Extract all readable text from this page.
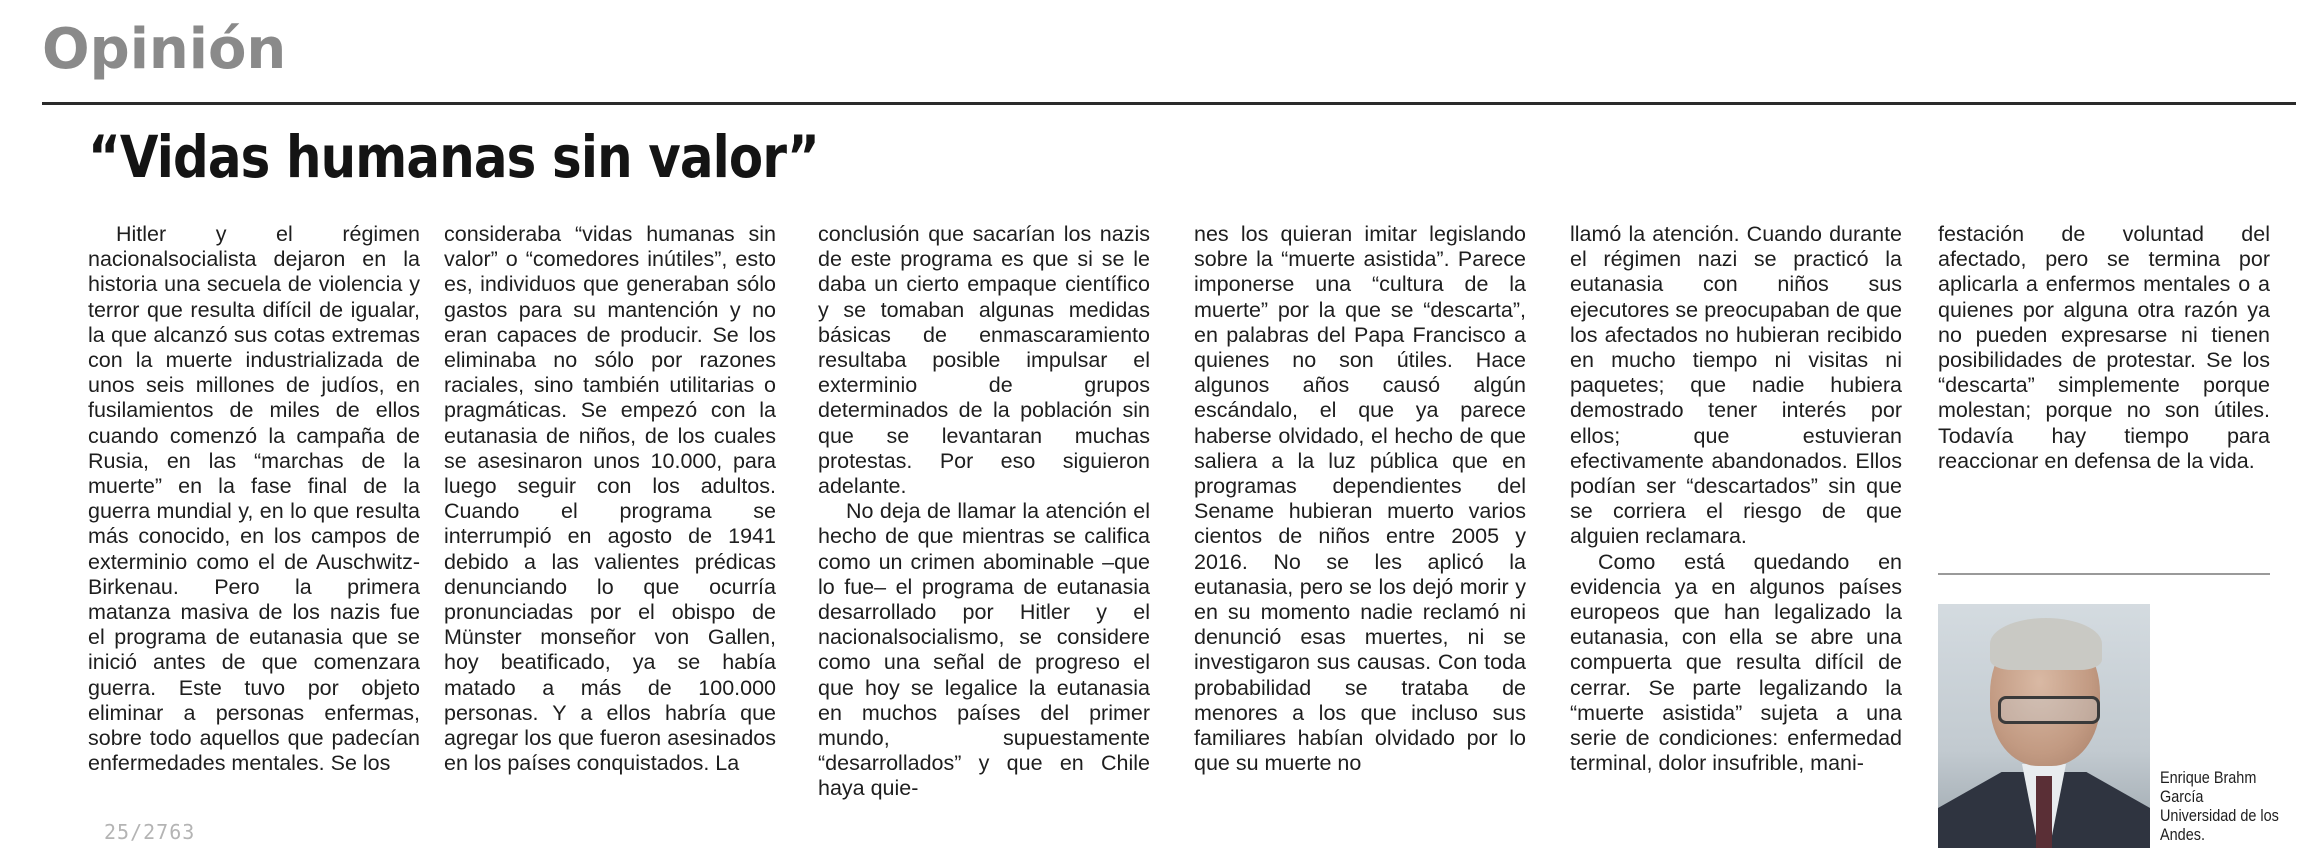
Opinión
“Vidas humanas sin valor”

Hitler y el régimen nacionalsocialista dejaron en la historia una secuela de violencia y terror que resulta difícil de igualar, la que alcanzó sus cotas extremas con la muerte industrializada de unos seis millones de judíos, en fusilamientos de miles de ellos cuando comenzó la campaña de Rusia, en las “marchas de la muerte” en la fase final de la guerra mundial y, en lo que resulta más conocido, en los campos de exterminio como el de Auschwitz-Birkenau. Pero la primera matanza masiva de los nazis fue el programa de eutanasia que se inició antes de que comenzara guerra. Este tuvo por objeto eliminar a personas enfermas, sobre todo aquellos que padecían enfermedades mentales. Se los

consideraba “vidas humanas sin valor” o “comedores inútiles”, esto es, individuos que generaban sólo gastos para su mantención y no eran capaces de producir. Se los eliminaba no sólo por razones raciales, sino también utilitarias o pragmáticas. Se empezó con la eutanasia de niños, de los cuales se asesinaron unos 10.000, para luego seguir con los adultos. Cuando el programa se interrumpió en agosto de 1941 debido a las valientes prédicas denunciando lo que ocurría pronunciadas por el obispo de Münster monseñor von Gallen, hoy beatificado, ya se había matado a más de 100.000 personas. Y a ellos habría que agregar los que fueron asesinados en los países conquistados. La

conclusión que sacarían los nazis de este programa es que si se le daba un cierto empaque científico y se tomaban algunas medidas básicas de enmascaramiento resultaba posible impulsar el exterminio de grupos determinados de la población sin que se levantaran muchas protestas. Por eso siguieron adelante.

No deja de llamar la atención el hecho de que mientras se califica como un crimen abominable –que lo fue– el programa de eutanasia desarrollado por Hitler y el nacionalsocialismo, se considere como una señal de progreso el que hoy se legalice la eutanasia en muchos países del primer mundo, supuestamente “desarrollados” y que en Chile haya quie-

nes los quieran imitar legislando sobre la “muerte asistida”. Parece imponerse una “cultura de la muerte” por la que se “descarta”, en palabras del Papa Francisco a quienes no son útiles. Hace algunos años causó algún escándalo, el que ya parece haberse olvidado, el hecho de que saliera a la luz pública que en programas dependientes del Sename hubieran muerto varios cientos de niños entre 2005 y 2016. No se les aplicó la eutanasia, pero se los dejó morir y en su momento nadie reclamó ni denunció esas muertes, ni se investigaron sus causas. Con toda probabilidad se trataba de menores a los que incluso sus familiares habían olvidado por lo que su muerte no

llamó la atención. Cuando durante el régimen nazi se practicó la eutanasia con niños sus ejecutores se preocupaban de que los afectados no hubieran recibido en mucho tiempo ni visitas ni paquetes; que nadie hubiera demostrado tener interés por ellos; que estuvieran efectivamente abandonados. Ellos podían ser “descartados” sin que se corriera el riesgo de que alguien reclamara.

Como está quedando en evidencia ya en algunos países europeos que han legalizado la eutanasia, con ella se abre una compuerta que resulta difícil de cerrar. Se parte legalizando la “muerte asistida” sujeta a una serie de condiciones: enfermedad terminal, dolor insufrible, mani-

festación de voluntad del afectado, pero se termina por aplicarla a enfermos mentales o a quienes por alguna otra razón ya no pueden expresarse ni tienen posibilidades de protestar. Se los “descarta” simplemente porque molestan; porque no son útiles. Todavía hay tiempo para reaccionar en defensa de la vida.

Enrique Brahm
García
Universidad de los
Andes.
25/2763
